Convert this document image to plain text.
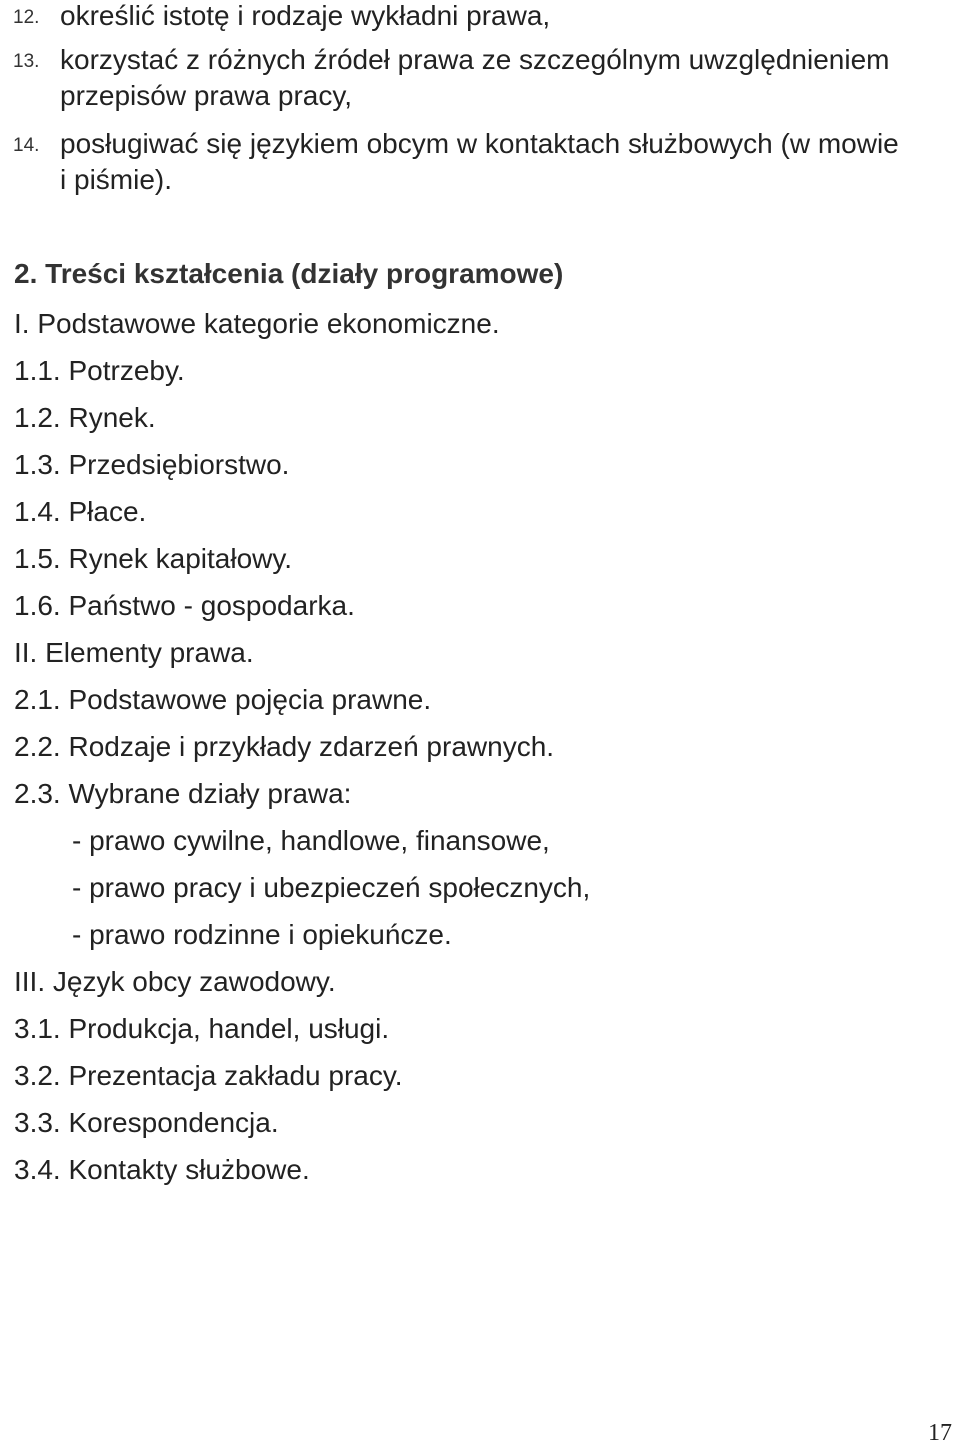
12. określić istotę i rodzaje wykładni prawa,
13. korzystać z różnych źródeł prawa ze szczególnym uwzględnieniem
przepisów prawa pracy,
14. posługiwać się językiem obcym w kontaktach służbowych (w mowie
i piśmie).
2. Treści kształcenia (działy programowe)
I. Podstawowe kategorie ekonomiczne.
1.1. Potrzeby.
1.2. Rynek.
1.3. Przedsiębiorstwo.
1.4. Płace.
1.5. Rynek kapitałowy.
1.6. Państwo - gospodarka.
II. Elementy prawa.
2.1. Podstawowe pojęcia prawne.
2.2. Rodzaje i przykłady zdarzeń prawnych.
2.3. Wybrane działy prawa:
- prawo cywilne, handlowe, finansowe,
- prawo pracy i ubezpieczeń społecznych,
- prawo rodzinne i opiekuńcze.
III. Język obcy zawodowy.
3.1. Produkcja, handel, usługi.
3.2. Prezentacja zakładu pracy.
3.3. Korespondencja.
3.4. Kontakty służbowe.
17
